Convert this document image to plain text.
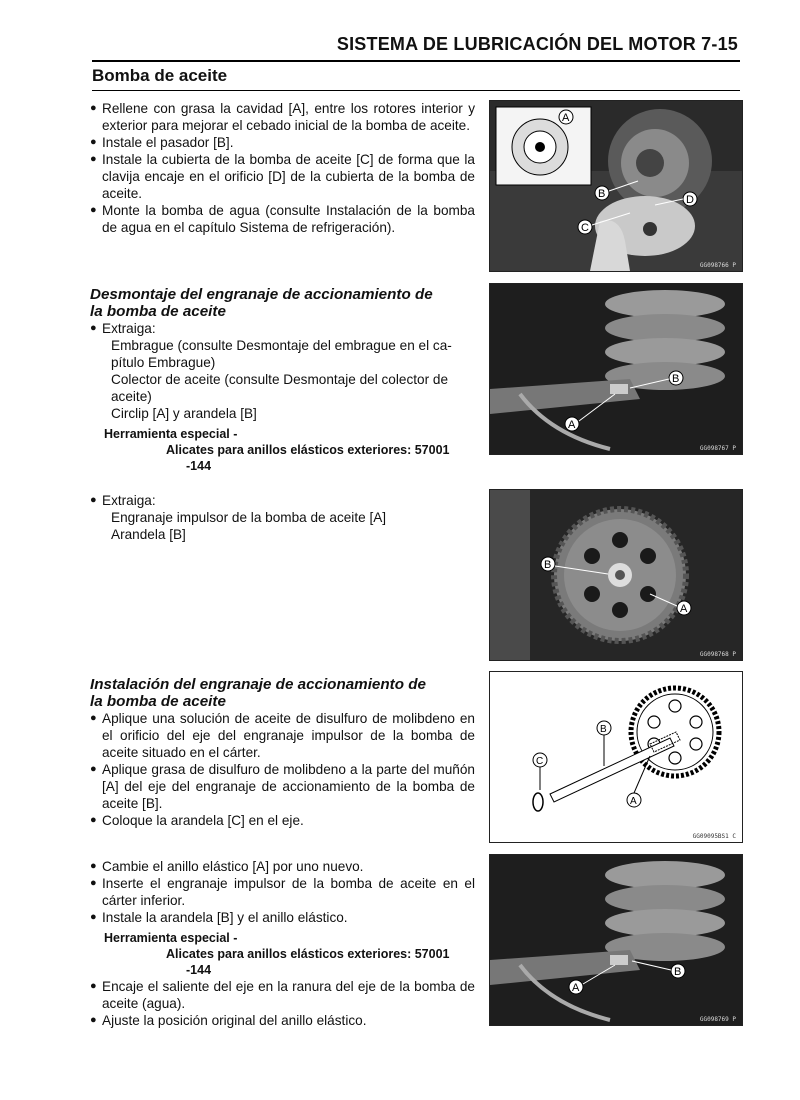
SISTEMA DE LUBRICACIÓN DEL MOTOR 7-15
Bomba de aceite
● Rellene con grasa la cavidad [A], entre los rotores interior y exterior para mejorar el cebado inicial de la bomba de aceite.
● Instale el pasador [B].
● Instale la cubierta de la bomba de aceite [C] de forma que la clavija encaje en el orificio [D] de la cubierta de la bomba de aceite.
● Monte la bomba de agua (consulte Instalación de la bomba de agua en el capítulo Sistema de refrigeración).

Desmontaje del engranaje de accionamiento de
la bomba de aceite

● Extraiga:
Embrague (consulte Desmontaje del embrague en el ca-
pítulo Embrague)
Colector de aceite (consulte Desmontaje del colector de
aceite)
Circlip [A] y arandela [B]
Herramienta especial -
Alicates para anillos elásticos exteriores: 57001
-144
● Extraiga:
Engranaje impulsor de la bomba de aceite [A]
Arandela [B]

Instalación del engranaje de accionamiento de
la bomba de aceite

● Aplique una solución de aceite de disulfuro de molibdeno en el orificio del eje del engranaje impulsor de la bomba de aceite situado en el cárter.
● Aplique grasa de disulfuro de molibdeno a la parte del muñón [A] del eje del engranaje de accionamiento de la bomba de aceite [B].
● Coloque la arandela [C] en el eje.
● Cambie el anillo elástico [A] por uno nuevo.
● Inserte el engranaje impulsor de la bomba de aceite en el cárter inferior.
● Instale la arandela [B] y el anillo elástico.
Herramienta especial -
Alicates para anillos elásticos exteriores: 57001
-144
● Encaje el saliente del eje en la ranura del eje de la bomba de aceite (agua).
● Ajuste la posición original del anillo elástico.
A
B
C
D
GG098766 P
B
A
GG098767 P
B
A
GG098768 P
B
C
A
GG09095BS1 C
B
A
GG098769 P
